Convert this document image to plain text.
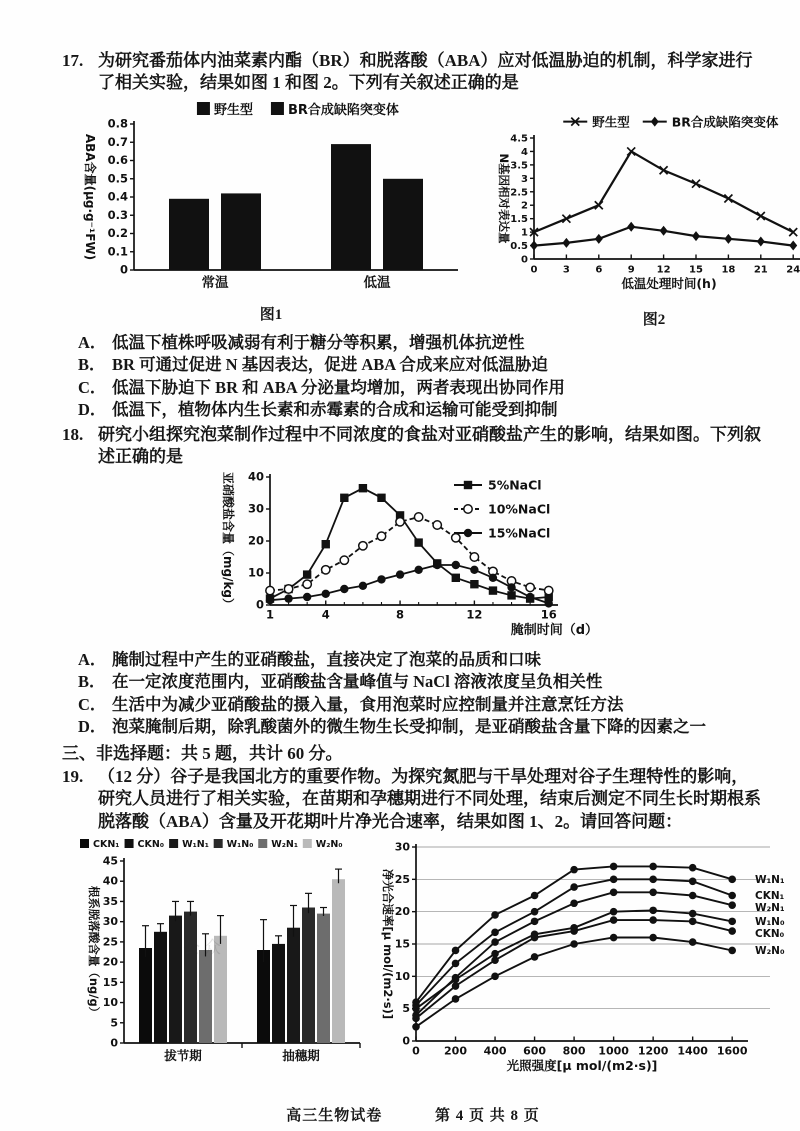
17. 为研究番茄体内油菜素内酯（BR）和脱落酸（ABA）应对低温胁迫的机制，科学家进行了相关实验，结果如图 1 和图 2。下列有关叙述正确的是
0
0.1
0.2
0.3
0.4
0.5
0.6
0.7
0.8
ABA含量(μg·g⁻¹FW)
常温	低温
野生型	BR合成缺陷突变体
图1
0
0.5
1
1.5
2
2.5
3
3.5
4
4.5
N基因相对表达量
0	3	6	9 12 15 18 21 24
低温处理时间(h)
野生型	BR合成缺陷突变体
图2
A． 低温下植株呼吸减弱有利于糖分等积累，增强机体抗逆性
B． BR 可通过促进 N 基因表达，促进 ABA 合成来应对低温胁迫
C． 低温下胁迫下 BR 和 ABA 分泌量均增加，两者表现出协同作用
D． 低温下，植物体内生长素和赤霉素的合成和运输可能受到抑制
18. 研究小组探究泡菜制作过程中不同浓度的食盐对亚硝酸盐产生的影响，结果如图。下列叙述正确的是
0
10
20
30
40
亚硝酸盐含量（mg/kg）
1	4	8	12	16
腌制时间（d）
5%NaCl
10%NaCl
15%NaCl
A． 腌制过程中产生的亚硝酸盐，直接决定了泡菜的品质和口味
B． 在一定浓度范围内，亚硝酸盐含量峰值与 NaCl 溶液浓度呈负相关性
C． 生活中为减少亚硝酸盐的摄入量，食用泡菜时应控制量并注意烹饪方法
D． 泡菜腌制后期，除乳酸菌外的微生物生长受抑制，是亚硝酸盐含量下降的因素之一
三、非选择题：共 5 题，共计 60 分。
19. （12 分）谷子是我国北方的重要作物。为探究氮肥与干旱处理对谷子生理特性的影响，研究人员进行了相关实验，在苗期和孕穗期进行不同处理，结束后测定不同生长时期根系脱落酸（ABA）含量及开花期叶片净光合速率，结果如图 1、2。请回答问题：
0
5
10
15
20
25
30
35
40
45
根系脱落酸含量（ng/g）
拔节期	抽穗期
CKN₁ CKN₀ W₁N₁ W₁N₀ W₂N₁ W₂N₀
0
5
10
15
20
25
30
净光合速率[μ mol/(m2·s)]
0 200 400 600 800 1000 1200 1400 1600
光照强度[μ mol/(m2·s)]
W₁N₁
CKN₁
W₂N₁
W₁N₀
CKN₀
W₂N₀
公众
高三生物试卷	第 4 页 共 8 页
